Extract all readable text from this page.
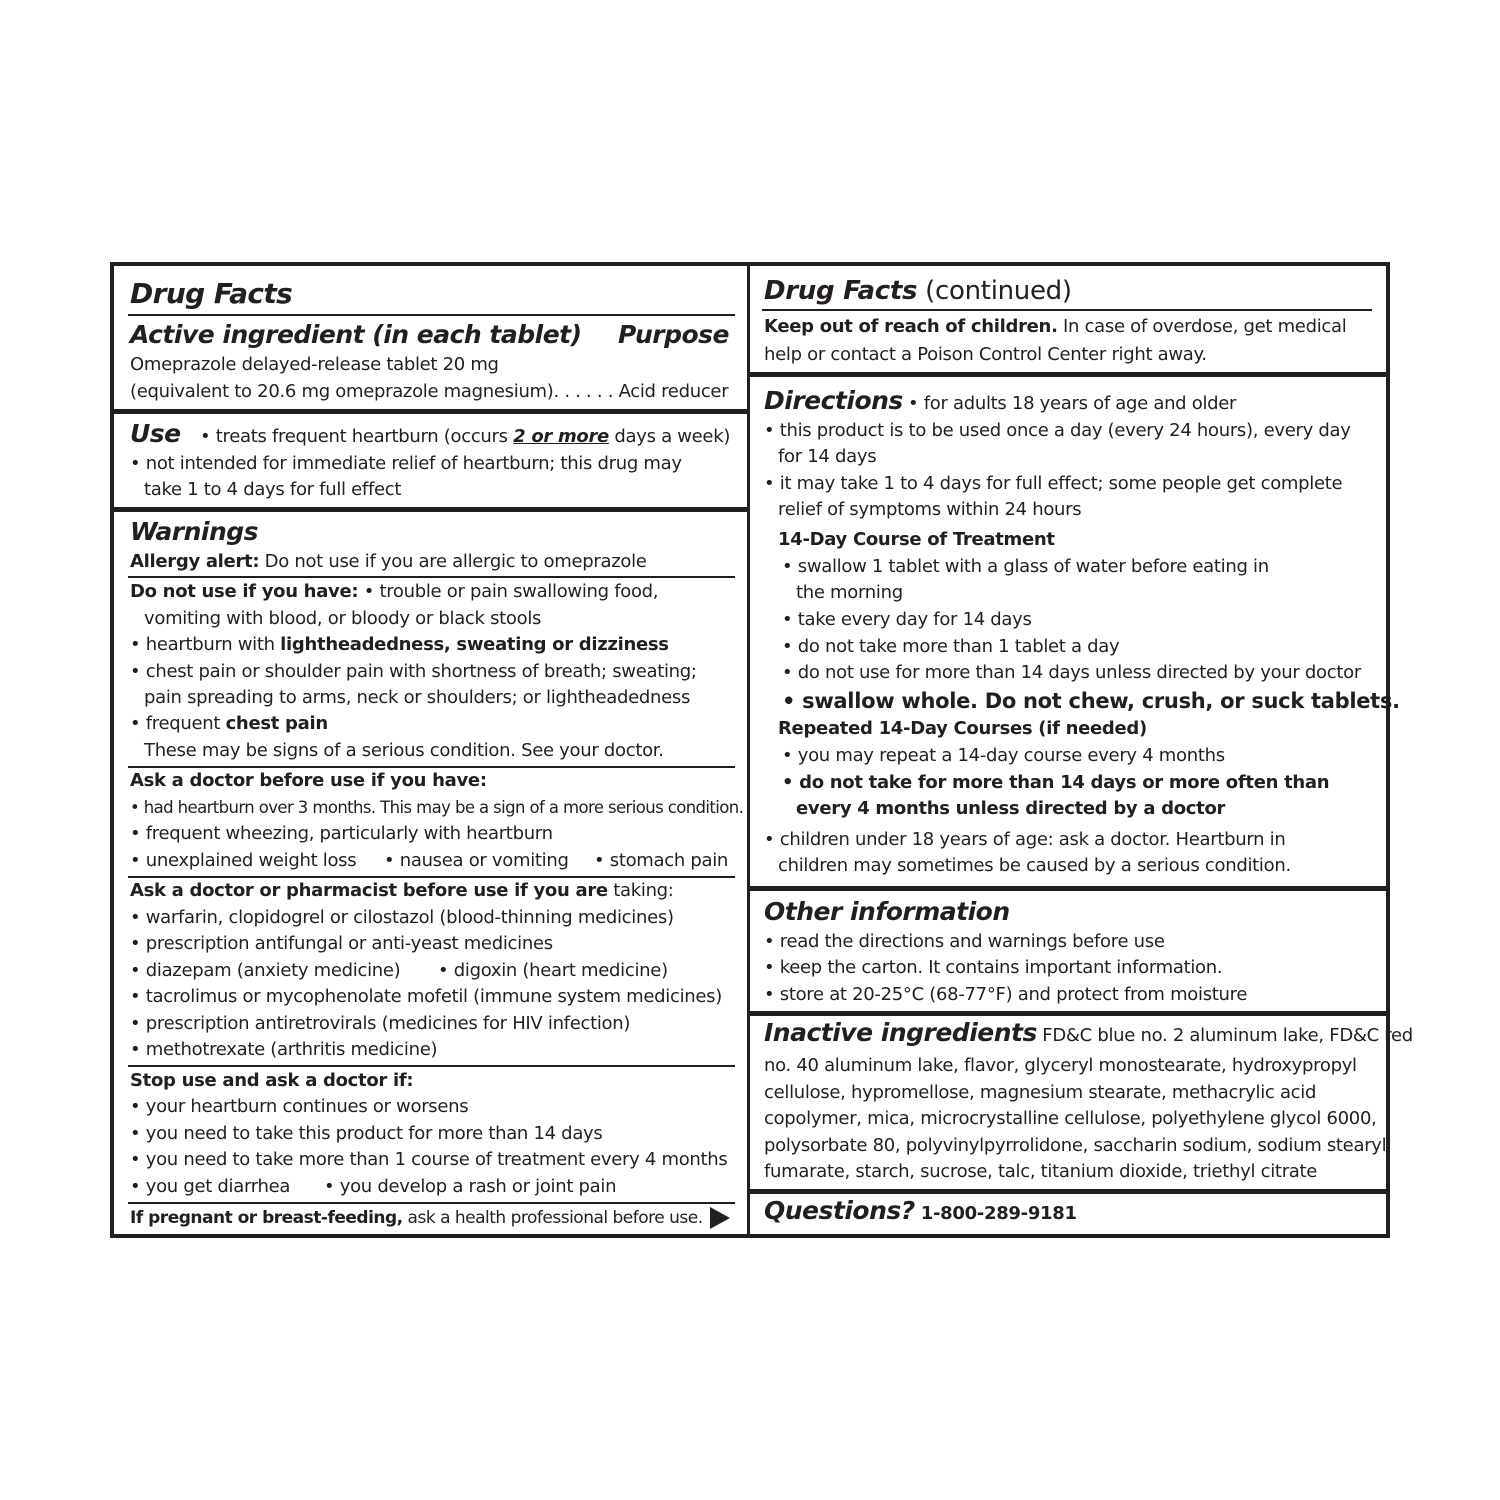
Drug Facts
Active ingredient (in each tablet) Purpose
Omeprazole delayed-release tablet 20 mg
(equivalent to 20.6 mg omeprazole magnesium). . . . . . Acid reducer
Use • treats frequent heartburn (occurs 2 or more days a week)
• not intended for immediate relief of heartburn; this drug may
take 1 to 4 days for full effect
Warnings
Allergy alert: Do not use if you are allergic to omeprazole
Do not use if you have: • trouble or pain swallowing food,
vomiting with blood, or bloody or black stools
• heartburn with lightheadedness, sweating or dizziness
• chest pain or shoulder pain with shortness of breath; sweating;
pain spreading to arms, neck or shoulders; or lightheadedness
• frequent chest pain
These may be signs of a serious condition. See your doctor.
Ask a doctor before use if you have:
• had heartburn over 3 months. This may be a sign of a more serious condition.
• frequent wheezing, particularly with heartburn
• unexplained weight loss • nausea or vomiting • stomach pain
Ask a doctor or pharmacist before use if you are taking:
• warfarin, clopidogrel or cilostazol (blood-thinning medicines)
• prescription antifungal or anti-yeast medicines
• diazepam (anxiety medicine) • digoxin (heart medicine)
• tacrolimus or mycophenolate mofetil (immune system medicines)
• prescription antiretrovirals (medicines for HIV infection)
• methotrexate (arthritis medicine)
Stop use and ask a doctor if:
• your heartburn continues or worsens
• you need to take this product for more than 14 days
• you need to take more than 1 course of treatment every 4 months
• you get diarrhea • you develop a rash or joint pain
If pregnant or breast-feeding, ask a health professional before use.
Drug Facts (continued)
Keep out of reach of children. In case of overdose, get medical
help or contact a Poison Control Center right away.
Directions • for adults 18 years of age and older
• this product is to be used once a day (every 24 hours), every day
for 14 days
• it may take 1 to 4 days for full effect; some people get complete
relief of symptoms within 24 hours
14-Day Course of Treatment
• swallow 1 tablet with a glass of water before eating in
the morning
• take every day for 14 days
• do not take more than 1 tablet a day
• do not use for more than 14 days unless directed by your doctor
• swallow whole. Do not chew, crush, or suck tablets.
Repeated 14-Day Courses (if needed)
• you may repeat a 14-day course every 4 months
• do not take for more than 14 days or more often than
every 4 months unless directed by a doctor
• children under 18 years of age: ask a doctor. Heartburn in
children may sometimes be caused by a serious condition.
Other information
• read the directions and warnings before use
• keep the carton. It contains important information.
• store at 20-25°C (68-77°F) and protect from moisture
Inactive ingredients FD&C blue no. 2 aluminum lake, FD&C red
no. 40 aluminum lake, flavor, glyceryl monostearate, hydroxypropyl
cellulose, hypromellose, magnesium stearate, methacrylic acid
copolymer, mica, microcrystalline cellulose, polyethylene glycol 6000,
polysorbate 80, polyvinylpyrrolidone, saccharin sodium, sodium stearyl
fumarate, starch, sucrose, talc, titanium dioxide, triethyl citrate
Questions? 1-800-289-9181
